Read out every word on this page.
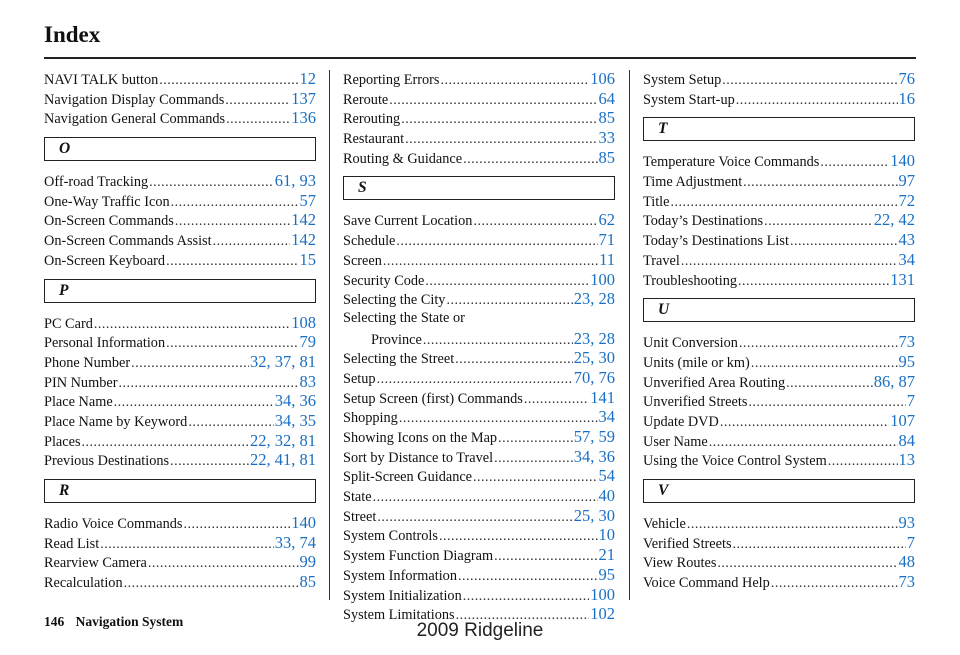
Index
NAVI TALK button .....	12
Navigation Display Commands .....	137
Navigation General Commands .....	136
O
Off-road Tracking .....	61, 93
One-Way Traffic Icon .....	57
On-Screen Commands .....	142
On-Screen Commands Assist .....	142
On-Screen Keyboard .....	15
P
PC Card .....	108
Personal Information .....	79
Phone Number .....	32, 37, 81
PIN Number .....	83
Place Name .....	34, 36
Place Name by Keyword .....	34, 35
Places .....	22, 32, 81
Previous Destinations .....	22, 41, 81
R
Radio Voice Commands .....	140
Read List .....	33, 74
Rearview Camera .....	99
Recalculation .....	85
Reporting Errors .....	106
Reroute .....	64
Rerouting .....	85
Restaurant .....	33
Routing & Guidance .....	85
S
Save Current Location .....	62
Schedule .....	71
Screen .....	11
Security Code .....	100
Selecting the City .....	23, 28
Selecting the State or
Province .....	23, 28
Selecting the Street .....	25, 30
Setup .....	70, 76
Setup Screen (first) Commands .....	141
Shopping .....	34
Showing Icons on the Map .....	57, 59
Sort by Distance to Travel .....	34, 36
Split-Screen Guidance .....	54
State .....	40
Street .....	25, 30
System Controls .....	10
System Function Diagram .....	21
System Information .....	95
System Initialization .....	100
System Limitations .....	102
System Setup .....	76
System Start-up .....	16
T
Temperature Voice Commands .....	140
Time Adjustment .....	97
Title .....	72
Today’s Destinations .....	22, 42
Today’s Destinations List .....	43
Travel .....	34
Troubleshooting .....	131
U
Unit Conversion .....	73
Units (mile or km) .....	95
Unverified Area Routing .....	86, 87
Unverified Streets .....	7
Update DVD .....	107
User Name .....	84
Using the Voice Control System .....	13
V
Vehicle .....	93
Verified Streets .....	7
View Routes .....	48
Voice Command Help .....	73
146 Navigation System	2009 Ridgeline
